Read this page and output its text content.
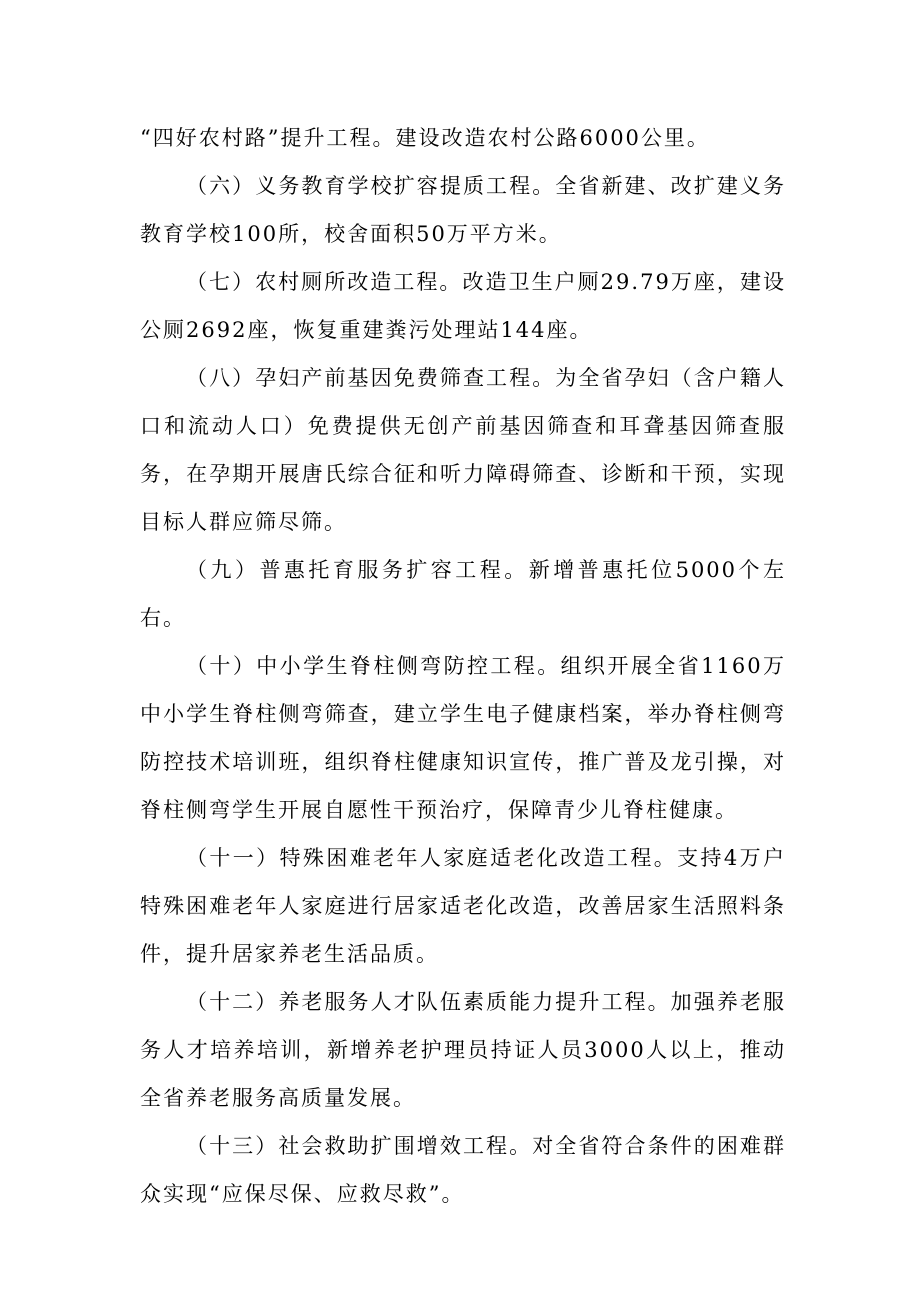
“四好农村路”提升工程。建设改造农村公路6000公里。

（六）义务教育学校扩容提质工程。全省新建、改扩建义务教育学校100所，校舍面积50万平方米。

（七）农村厕所改造工程。改造卫生户厕29.79万座，建设公厕2692座，恢复重建粪污处理站144座。

（八）孕妇产前基因免费筛查工程。为全省孕妇（含户籍人口和流动人口）免费提供无创产前基因筛查和耳聋基因筛查服务，在孕期开展唐氏综合征和听力障碍筛查、诊断和干预，实现目标人群应筛尽筛。

（九）普惠托育服务扩容工程。新增普惠托位5000个左右。

（十）中小学生脊柱侧弯防控工程。组织开展全省1160万中小学生脊柱侧弯筛查，建立学生电子健康档案，举办脊柱侧弯防控技术培训班，组织脊柱健康知识宣传，推广普及龙引操，对脊柱侧弯学生开展自愿性干预治疗，保障青少儿脊柱健康。

（十一）特殊困难老年人家庭适老化改造工程。支持4万户特殊困难老年人家庭进行居家适老化改造，改善居家生活照料条件，提升居家养老生活品质。

（十二）养老服务人才队伍素质能力提升工程。加强养老服务人才培养培训，新增养老护理员持证人员3000人以上，推动全省养老服务高质量发展。

（十三）社会救助扩围增效工程。对全省符合条件的困难群众实现“应保尽保、应救尽救”。
